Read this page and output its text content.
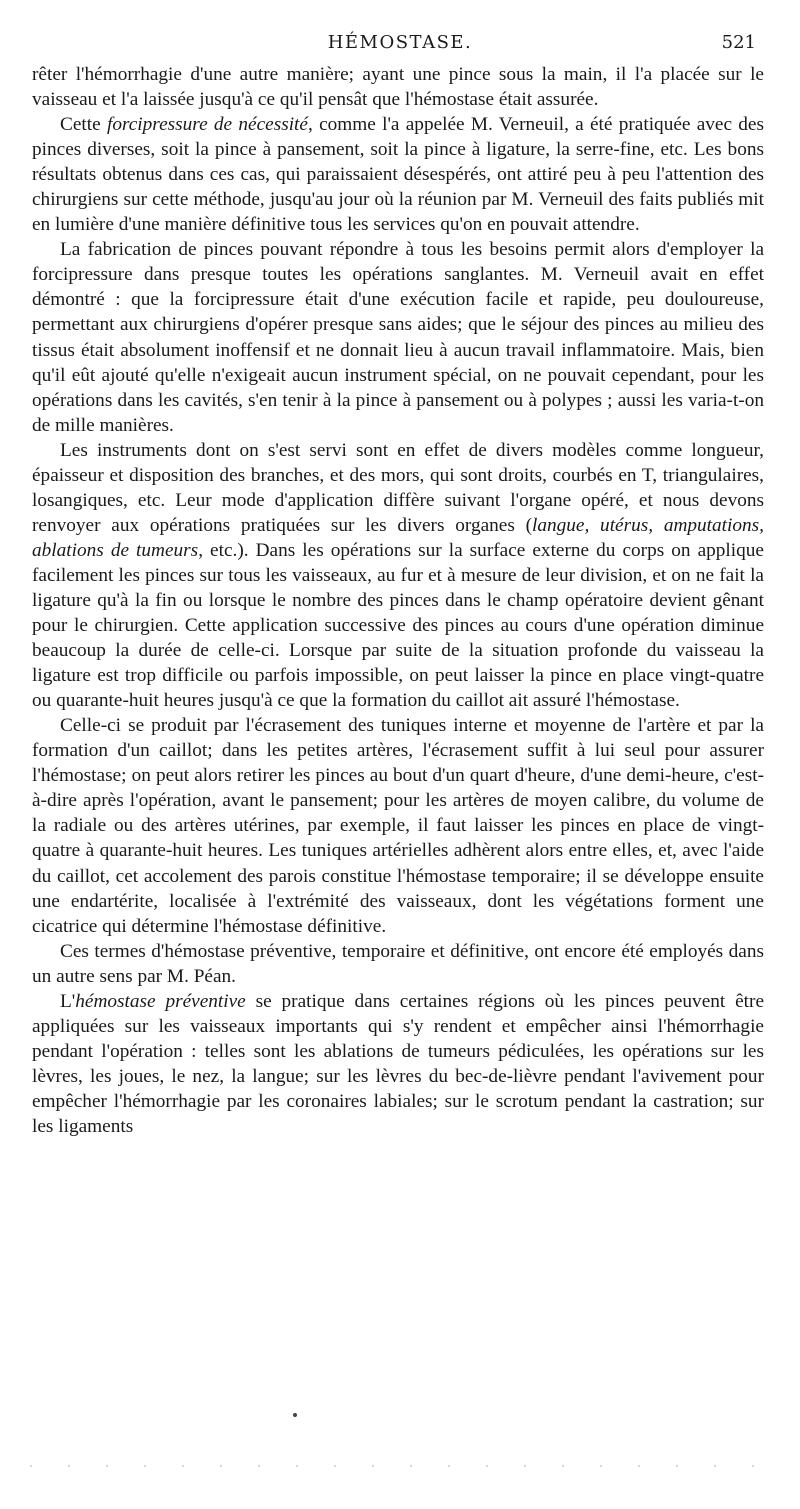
HÉMOSTASE.	521

rêter l'hémorrhagie d'une autre manière; ayant une pince sous la main, il l'a placée sur le vaisseau et l'a laissée jusqu'à ce qu'il pensât que l'hémostase était assurée.

Cette forcipressure de nécessité, comme l'a appelée M. Verneuil, a été pratiquée avec des pinces diverses, soit la pince à pansement, soit la pince à ligature, la serre-fine, etc. Les bons résultats obtenus dans ces cas, qui paraissaient désespérés, ont attiré peu à peu l'attention des chirurgiens sur cette méthode, jusqu'au jour où la réunion par M. Verneuil des faits publiés mit en lumière d'une manière définitive tous les services qu'on en pouvait attendre.

La fabrication de pinces pouvant répondre à tous les besoins permit alors d'employer la forcipressure dans presque toutes les opérations sanglantes. M. Verneuil avait en effet démontré : que la forcipressure était d'une exécution facile et rapide, peu douloureuse, permettant aux chirurgiens d'opérer presque sans aides; que le séjour des pinces au milieu des tissus était absolument inoffensif et ne donnait lieu à aucun travail inflammatoire. Mais, bien qu'il eût ajouté qu'elle n'exigeait aucun instrument spécial, on ne pouvait cependant, pour les opérations dans les cavités, s'en tenir à la pince à pansement ou à polypes ; aussi les varia-t-on de mille manières.

Les instruments dont on s'est servi sont en effet de divers modèles comme longueur, épaisseur et disposition des branches, et des mors, qui sont droits, courbés en T, triangulaires, losangiques, etc. Leur mode d'application diffère suivant l'organe opéré, et nous devons renvoyer aux opérations pratiquées sur les divers organes (langue, utérus, amputations, ablations de tumeurs, etc.). Dans les opérations sur la surface externe du corps on applique facilement les pinces sur tous les vaisseaux, au fur et à mesure de leur division, et on ne fait la ligature qu'à la fin ou lorsque le nombre des pinces dans le champ opératoire devient gênant pour le chirurgien. Cette application successive des pinces au cours d'une opération diminue beaucoup la durée de celle-ci. Lorsque par suite de la situation profonde du vaisseau la ligature est trop difficile ou parfois impossible, on peut laisser la pince en place vingt-quatre ou quarante-huit heures jusqu'à ce que la formation du caillot ait assuré l'hémostase.

Celle-ci se produit par l'écrasement des tuniques interne et moyenne de l'artère et par la formation d'un caillot; dans les petites artères, l'écrasement suffit à lui seul pour assurer l'hémostase; on peut alors retirer les pinces au bout d'un quart d'heure, d'une demi-heure, c'est-à-dire après l'opération, avant le pansement; pour les artères de moyen calibre, du volume de la radiale ou des artères utérines, par exemple, il faut laisser les pinces en place de vingt-quatre à quarante-huit heures. Les tuniques artérielles adhèrent alors entre elles, et, avec l'aide du caillot, cet accolement des parois constitue l'hémostase temporaire; il se développe ensuite une endartérite, localisée à l'extrémité des vaisseaux, dont les végétations forment une cicatrice qui détermine l'hémostase définitive.

Ces termes d'hémostase préventive, temporaire et définitive, ont encore été employés dans un autre sens par M. Péan.

L'hémostase préventive se pratique dans certaines régions où les pinces peuvent être appliquées sur les vaisseaux importants qui s'y rendent et empêcher ainsi l'hémorrhagie pendant l'opération : telles sont les ablations de tumeurs pédiculées, les opérations sur les lèvres, les joues, le nez, la langue; sur les lèvres du bec-de-lièvre pendant l'avivement pour empêcher l'hémorrhagie par les coronaires labiales; sur le scrotum pendant la castration; sur les ligaments
